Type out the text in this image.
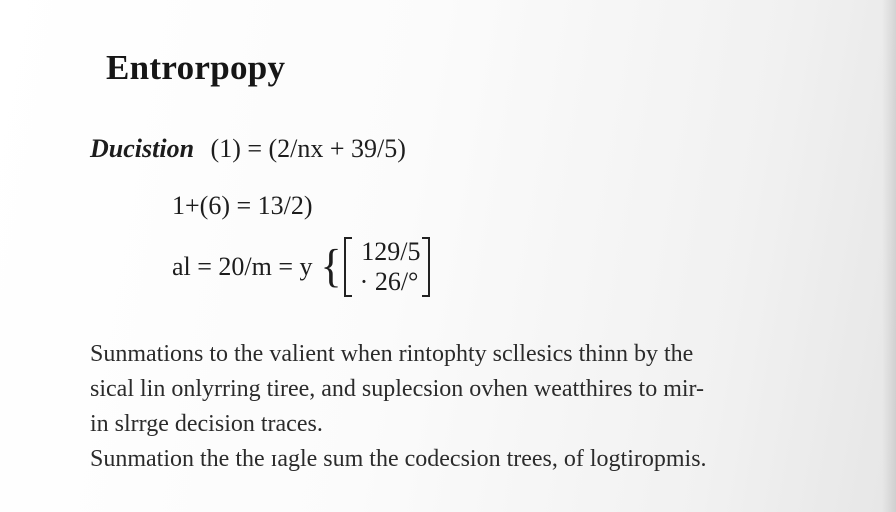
Entrorpopy
Ducistion (1) = (2/nx + 39/5)
1+(6) = 13/2)
al = 20/m = y { 129/5
· 26/°
Sunmations to the valient when rintophty scllesics thinn by the
sical lin onlyrring tiree, and suplecsion ovhen weatthires to mir-
in slrrge decision traces.
Sunmation the the ɪagle sum the codecsion trees, of logtiropmis.
